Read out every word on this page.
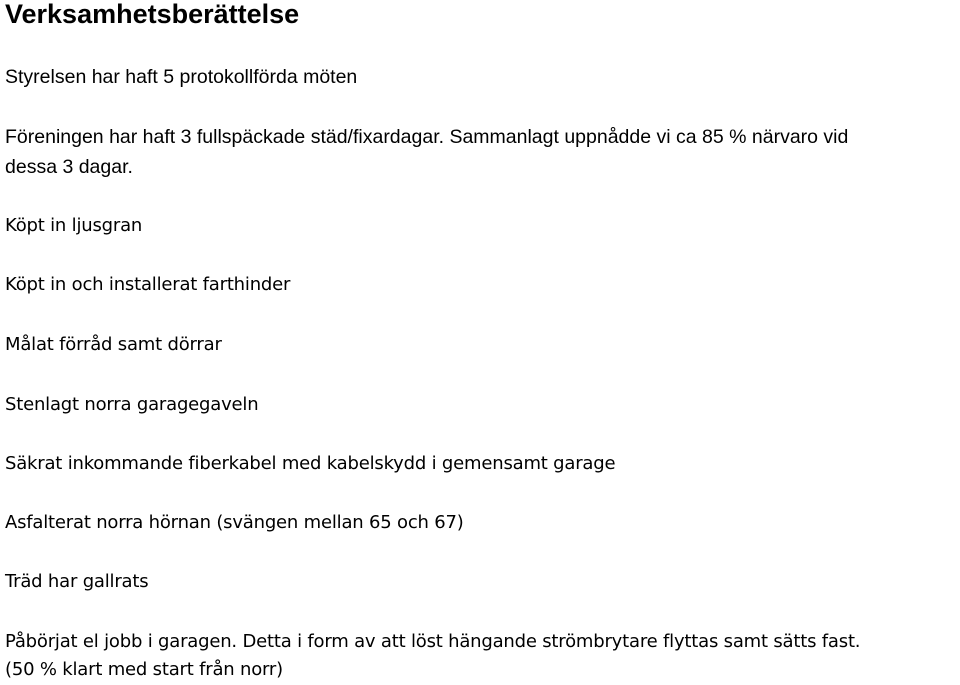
Verksamhetsberättelse

Styrelsen har haft 5 protokollförda möten

Föreningen har haft 3 fullspäckade städ/fixardagar. Sammanlagt uppnådde vi ca 85 % närvaro vid

dessa 3 dagar.

Köpt in ljusgran

Köpt in och installerat farthinder

Målat förråd samt dörrar

Stenlagt norra garagegaveln

Säkrat inkommande fiberkabel med kabelskydd i gemensamt garage

Asfalterat norra hörnan (svängen mellan 65 och 67)

Träd har gallrats

Påbörjat el jobb i garagen. Detta i form av att löst hängande strömbrytare flyttas samt sätts fast.

(50 % klart med start från norr)
